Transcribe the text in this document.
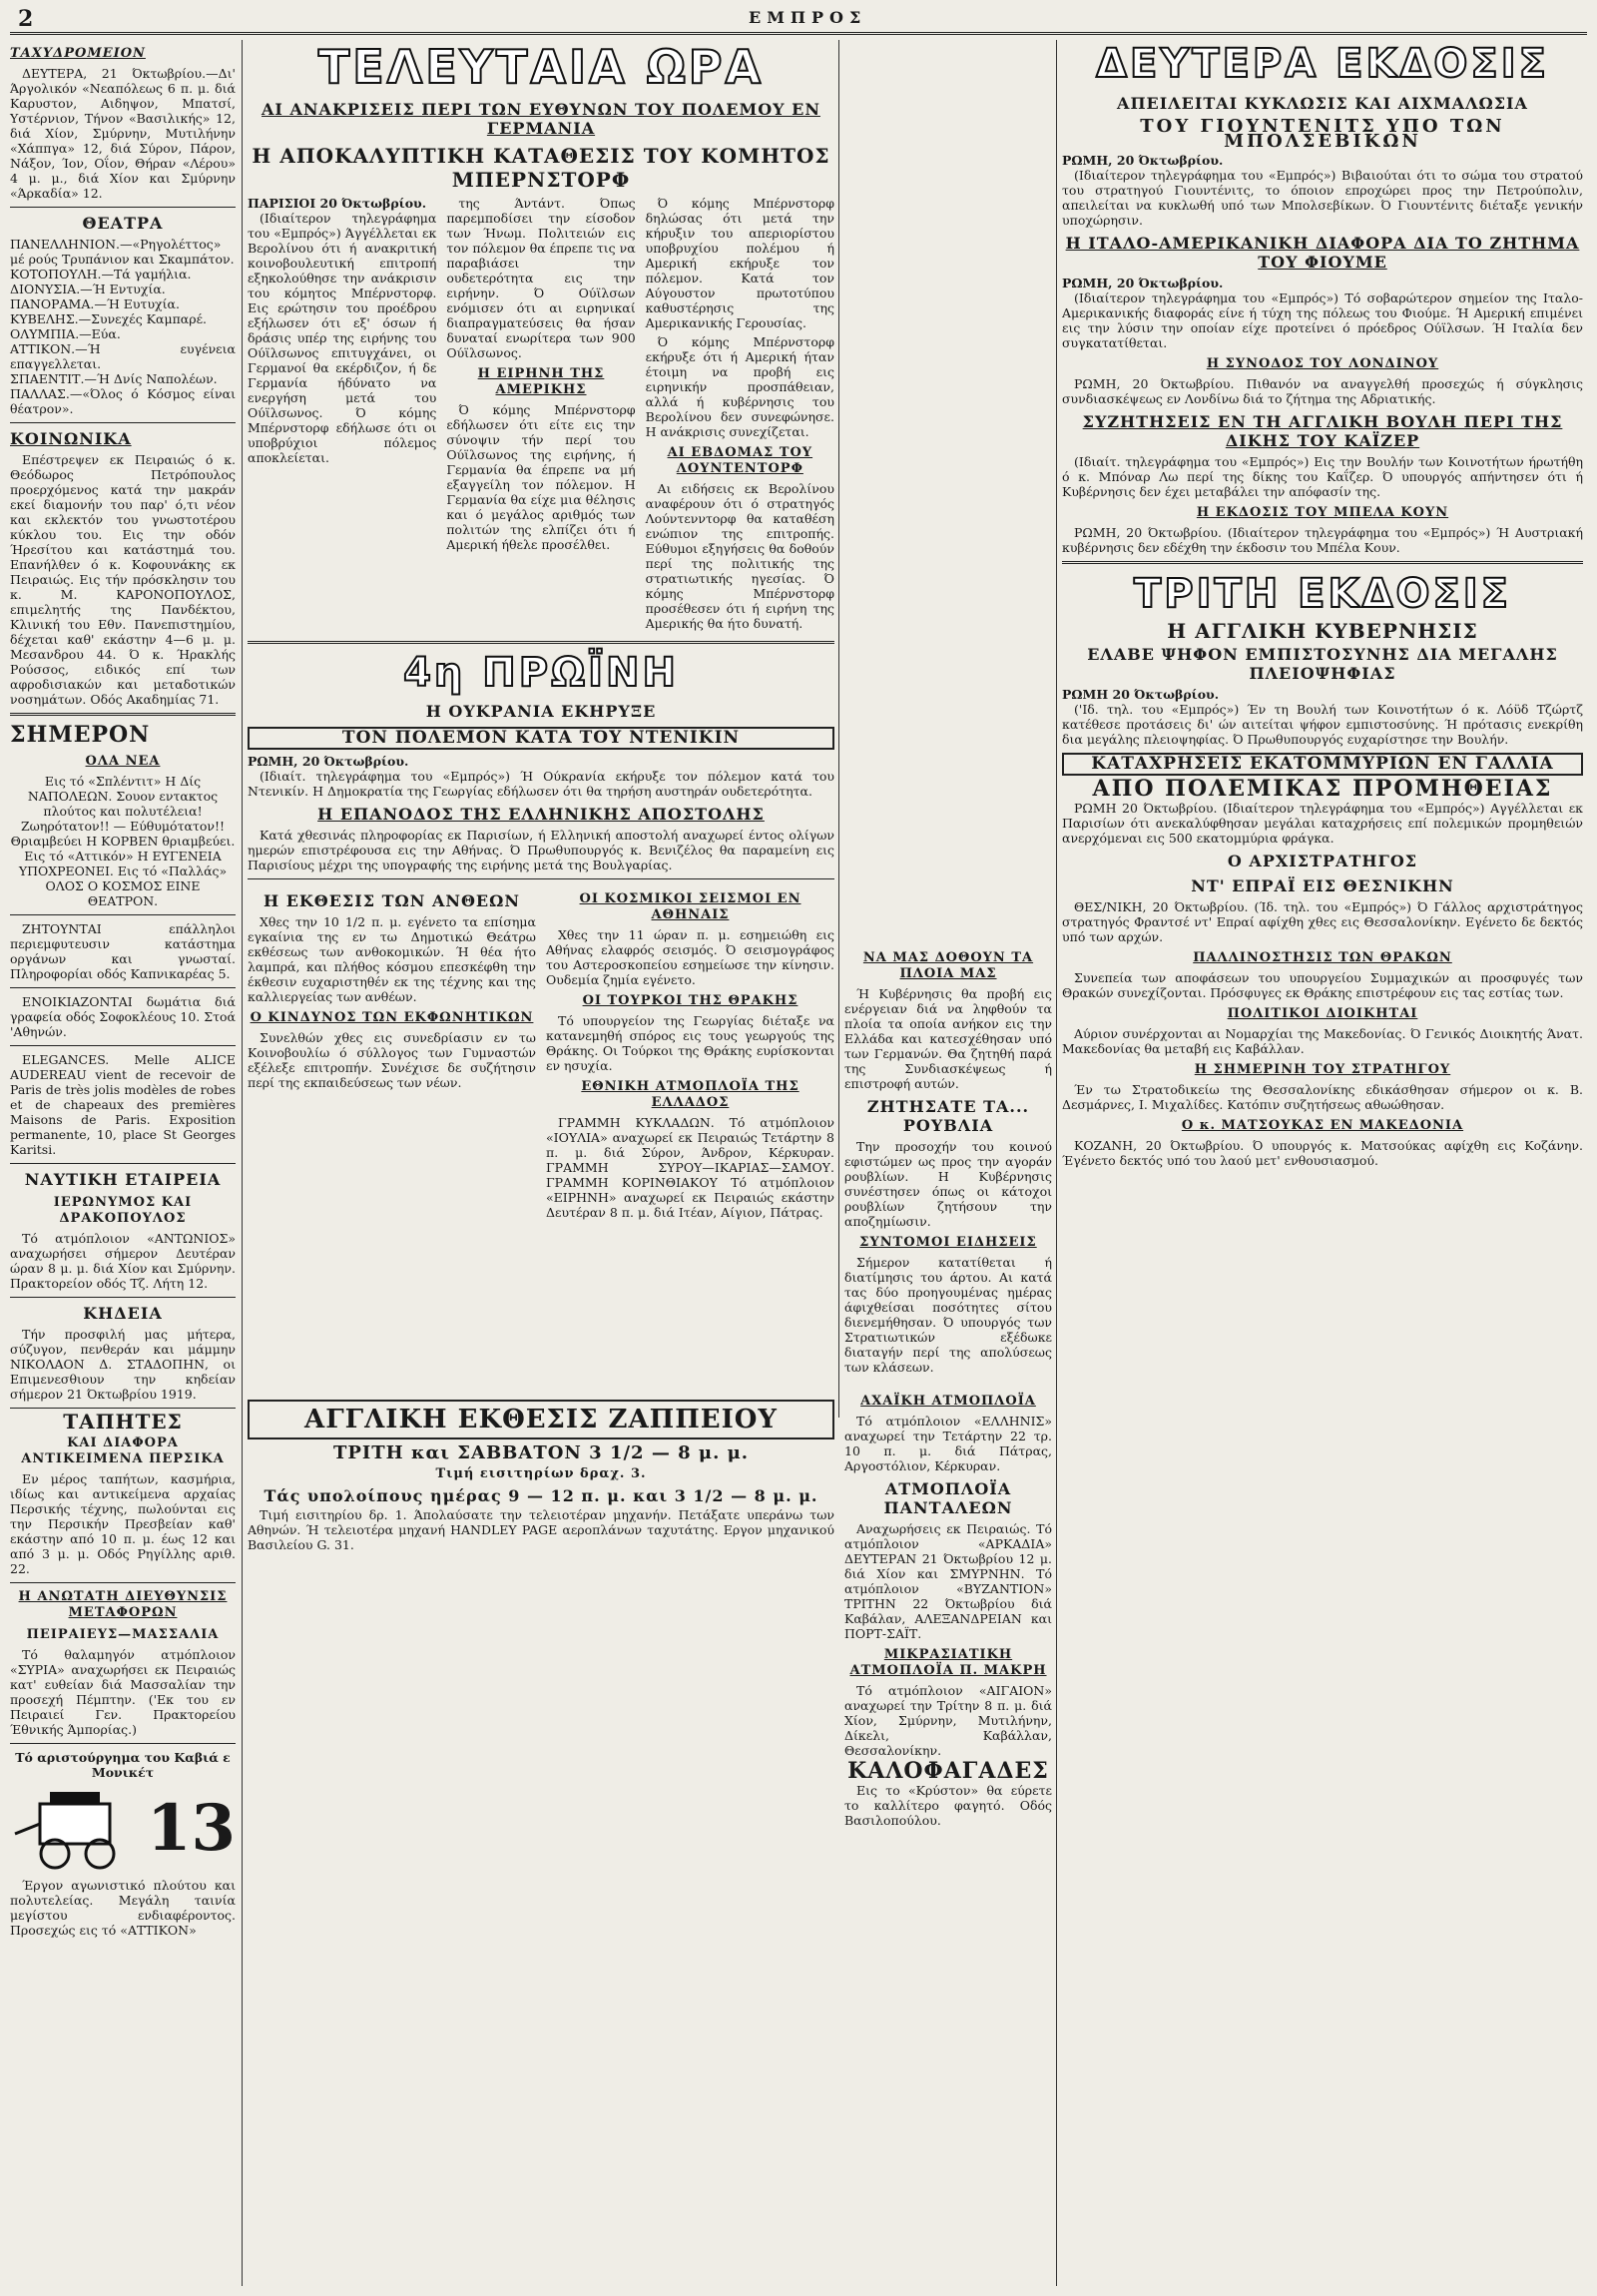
2	ΕΜΠΡΟΣ
ΤΑΧΥΔΡΟΜΕΙΟΝ

ΔΕΥΤΕΡΑ, 21 Όκτωβρίου.—Δι' Άργολικόν «Νεαπόλεως 6 π. μ. διά Καρυστον, Αιδηψον, Μπατσί, Υστέρνιον, Τήνον «Βασιλικής» 12, διά Χίον, Σμύρνην, Μυτιλήνην «Χάππγα» 12, διά Σύρον, Πάρον, Νάξον, Ίον, Οΐον, Θήραν «Λέρου» 4 μ. μ., διά Χίον και Σμύρνην «Άρκαδία» 12.

ΘΕΑΤΡΑ
ΠΑΝΕΛΛΗΝΙΟΝ.—«Ρηγολέττος» μέ ρούς Τρυπάνιον και Σκαμπάτον.
ΚΟΤΟΠΟΥΛΗ.—Τά γαμήλια.
ΔΙΟΝΥΣΙΑ.—Ή Εντυχία.
ΠΑΝΟΡΑΜΑ.—Ή Ευτυχία.
ΚΥΒΕΛΗΣ.—Συνεχές Καμπαρέ.
ΟΛΥΜΠΙΑ.—Εύα.
ΑΤΤΙΚΟΝ.—Ή ευγένεια επαγγελλεται.
ΣΠΑΕΝΤΙΤ.—Ή Δνίς Ναπολέων.
ΠΑΛΛΑΣ.—«Όλος ό Κόσμος είναι θέατρον».
ΚΟΙΝΩΝΙΚΑ

Επέστρεψεν εκ Πειραιώς ό κ. Θεόδωρος Πετρόπουλος προερχόμενος κατά την μακράν εκεί διαμονήν του παρ' ό,τι νέον και εκλεκτόν του γνωστοτέρου κύκλου του. Εις την οδόν Ήρεσίτου και κατάστημά του. Επανήλθεν ό κ. Κοφουνάκης εκ Πειραιώς. Εις τήν πρόσκλησιν του κ. Μ. ΚΑΡΟΝΟΠΟΥΛΟΣ, επιμελητής της Πανδέκτου, Κλινική του Εθν. Πανεπιστημίου, δέχεται καθ' εκάστην 4—6 μ. μ. Μεσανδρου 44. Ό κ. Ήρακλής Ρούσσος, ειδικός επί των αφροδισιακών και μεταδοτικών νοσημάτων. Οδός Ακαδημίας 71.

ΣΗΜΕΡΟΝ
ΟΛΑ ΝΕΑ

Εις τό «Σπλέντιτ» Η Δίς ΝΑΠΟΛΕΩΝ. Σουον εντακτος πλούτος και πολυτέλεια! Ζωηρότατον!! — Εύθυμότατον!! Θριαμβεύει Η ΚΟΡΒΕΝ θριαμβεύει. Εις τό «Αττικόν» Η ΕΥΓΕΝΕΙΑ ΥΠΟΧΡΕΟΝΕΙ. Εις τό «Παλλάς» ΟΛΟΣ Ο ΚΟΣΜΟΣ ΕΙΝΕ ΘΕΑΤΡΟΝ.

ΖΗΤΟΥΝΤΑΙ επάλληλοι περιεμφυτευσιν κατάστημα οργάνων και γνωσταί. Πληροφορίαι οδός Καπνικαρέας 5.

ΕΝΟΙΚΙΑΖΟΝΤΑΙ δωμάτια διά γραφεία οδός Σοφοκλέους 10. Στοά 'Αθηνών.

ELEGANCES. Melle ALICE AUDEREAU vient de recevoir de Paris de très jolis modèles de robes et de chapeaux des premières Maisons de Paris. Exposition permanente, 10, place St Georges Karitsi.

ΝΑΥΤΙΚΗ ΕΤΑΙΡΕΙΑ
ΙΕΡΩΝΥΜΟΣ ΚΑΙ ΔΡΑΚΟΠΟΥΛΟΣ

Τό ατμόπλοιον «ΑΝΤΩΝΙΟΣ» αναχωρήσει σήμερον Δευτέραν ώραν 8 μ. μ. διά Χίον και Σμύρνην. Πρακτορείον οδός Τζ. Λήτη 12.

ΚΗΔΕΙΑ

Τήν προσφιλή μας μήτερα, σύζυγον, πενθεράν και μάμμην ΝΙΚΟΛΑΟΝ Δ. ΣΤΑΔΟΠΗΝ, οι Επιμενεσθιουν την κηδείαν σήμερον 21 Όκτωβρίου 1919.

ΤΑΠΗΤΕΣ
ΚΑΙ ΔΙΑΦΟΡΑ ΑΝΤΙΚΕΙΜΕΝΑ ΠΕΡΣΙΚΑ

Εν μέρος ταπήτων, κασμήρια, ιδίως και αντικείμενα αρχαίας Περσικής τέχνης, πωλούνται εις την Περσικήν Πρεσβείαν καθ' εκάστην από 10 π. μ. έως 12 και από 3 μ. μ. Οδός Ρηγίλλης αριθ. 22.

Η ΑΝΩΤΑΤΗ ΔΙΕΥΘΥΝΣΙΣ ΜΕΤΑΦΟΡΩΝ
ΠΕΙΡΑΙΕΥΣ—ΜΑΣΣΑΛΙΑ

Τό θαλαμηγόν ατμόπλοιον «ΣΥΡΙΑ» αναχωρήσει εκ Πειραιώς κατ' ευθείαν διά Μασσαλίαν την προσεχή Πέμπτην. ('Εκ του εν Πειραιεί Γεν. Πρακτορείου Έθνικής Άμπορίας.)

Τό αριστούργημα του Καβιά ε Μονικέτ
13

Έργον αγωνιστικό πλούτου και πολυτελείας. Μεγάλη ταινία μεγίστου ενδιαφέροντος. Προσεχώς εις τό «ΑΤΤΙΚΟΝ»

ΤΕΛΕΥΤΑΙΑ ΩΡΑ
ΑΙ ΑΝΑΚΡΙΣΕΙΣ ΠΕΡΙ ΤΩΝ ΕΥΘΥΝΩΝ ΤΟΥ ΠΟΛΕΜΟΥ ΕΝ ΓΕΡΜΑΝΙΑ
Η ΑΠΟΚΑΛΥΠΤΙΚΗ ΚΑΤΑΘΕΣΙΣ ΤΟΥ ΚΟΜΗΤΟΣ ΜΠΕΡΝΣΤΟΡΦ
ΠΑΡΙΣΙΟΙ 20 Όκτωβρίου.

(Ιδιαίτερον τηλεγράφημα του «Εμπρός») Άγγέλλεται εκ Βερολίνου ότι ή ανακριτική κοινοβουλευτική επιτροπή εξηκολούθησε την ανάκρισιν του κόμητος Μπέρνστορφ. Εις ερώτησιν του προέδρου εξήλωσεν ότι εξ' όσων ή δράσις υπέρ της ειρήνης του Ούϊλσωνος επιτυγχάνει, οι Γερμανοί θα εκέρδιζον, ή δε Γερμανία ήδύνατο να ενεργήση μετά του Ούϊλσωνος. Ό κόμης Μπέρνστορφ εδήλωσε ότι οι υποβρύχιοι πόλεμος αποκλείεται.

της Άντάντ. Όπως παρεμποδίσει την είσοδον των Ήνωμ. Πολιτειών εις τον πόλεμον θα έπρεπε τις να παραβιάσει την ουδετερότητα εις την ειρήνην. Ό Ούϊλσων ενόμισεν ότι αι ειρηνικαί διαπραγματεύσεις θα ήσαν δυναταί ενωρίτερα των 900 Ούϊλσωνος.

Η ΕΙΡΗΝΗ ΤΗΣ ΑΜΕΡΙΚΗΣ

Ό κόμης Μπέρνστορφ εδήλωσεν ότι είτε εις την σύνοψιν τήν περί του Ούϊλσωνος της ειρήνης, ή Γερμανία θα έπρεπε να μή εξαγγείλη τον πόλεμον. Η Γερμανία θα είχε μια θέλησις και ό μεγάλος αριθμός των πολιτών της ελπίζει ότι ή Αμερική ήθελε προσέλθει.

Ό κόμης Μπέρνστορφ δηλώσας ότι μετά την κήρυξιν του απεριορίστου υποβρυχίου πολέμου ή Αμερική εκήρυξε τον πόλεμον. Κατά τον Αύγουστον πρωτοτύπου καθυστέρησις της Αμερικανικής Γερουσίας.

Ό κόμης Μπέρνστορφ εκήρυξε ότι ή Αμερική ήταν έτοιμη να προβή εις ειρηνικήν προσπάθειαν, αλλά ή κυβέρνησις του Βερολίνου δεν συνεφώνησε. Η ανάκρισις συνεχίζεται.

ΑΙ ΕΒΔΟΜΑΣ ΤΟΥ ΛΟΥΝΤΕΝΤΟΡΦ

Αι ειδήσεις εκ Βερολίνου αναφέρουν ότι ό στρατηγός Λούντενντορφ θα καταθέση ενώπιον της επιτροπής. Εύθυμοι εξηγήσεις θα δοθούν περί της πολιτικής της στρατιωτικής ηγεσίας. Ό κόμης Μπέρνστορφ προσέθεσεν ότι ή ειρήνη της Αμερικής θα ήτο δυνατή.

4η ΠΡΩΪΝΗ
Η ΟΥΚΡΑΝΙΑ ΕΚΗΡΥΞΕ
ΤΟΝ ΠΟΛΕΜΟΝ ΚΑΤΑ ΤΟΥ ΝΤΕΝΙΚΙΝ
ΡΩΜΗ, 20 Όκτωβρίου.

(Ιδιαίτ. τηλεγράφημα του «Εμπρός») Ή Ούκρανία εκήρυξε τον πόλεμον κατά του Ντενικίν. Η Δημοκρατία της Γεωργίας εδήλωσεν ότι θα τηρήση αυστηράν ουδετερότητα.

Η ΕΠΑΝΟΔΟΣ ΤΗΣ ΕΛΛΗΝΙΚΗΣ ΑΠΟΣΤΟΛΗΣ

Κατά χθεσινάς πληροφορίας εκ Παρισίων, ή Ελληνική αποστολή αναχωρεί έντος ολίγων ημερών επιστρέφουσα εις την Αθήνας. Ό Πρωθυπουργός κ. Βενιζέλος θα παραμείνη εις Παρισίους μέχρι της υπογραφής της ειρήνης μετά της Βουλγαρίας.

Η ΕΚΘΕΣΙΣ ΤΩΝ ΑΝΘΕΩΝ

Χθες την 10 1/2 π. μ. εγένετο τα επίσημα εγκαίνια της εν τω Δημοτικώ Θεάτρω εκθέσεως των ανθοκομικών. Ή θέα ήτο λαμπρά, και πλήθος κόσμου επεσκέφθη την έκθεσιν ευχαριστηθέν εκ της τέχνης και της καλλιεργείας των ανθέων.

Ο ΚΙΝΔΥΝΟΣ ΤΩΝ ΕΚΦΩΝΗΤΙΚΩΝ

Συνελθών χθες εις συνεδρίασιν εν τω Κοινοβουλίω ό σύλλογος των Γυμναστών εξέλεξε επιτροπήν. Συνέχισε δε συζήτησιν περί της εκπαιδεύσεως των νέων.

ΟΙ ΚΟΣΜΙΚΟΙ ΣΕΙΣΜΟΙ ΕΝ ΑΘΗΝΑΙΣ

Χθες την 11 ώραν π. μ. εσημειώθη εις Αθήνας ελαφρός σεισμός. Ό σεισμογράφος του Αστεροσκοπείου εσημείωσε την κίνησιν. Ουδεμία ζημία εγένετο.

ΟΙ ΤΟΥΡΚΟΙ ΤΗΣ ΘΡΑΚΗΣ

Τό υπουργείον της Γεωργίας διέταξε να κατανεμηθή σπόρος εις τους γεωργούς της Θράκης. Οι Τούρκοι της Θράκης ευρίσκονται εν ησυχία.

ΕΘΝΙΚΗ ΑΤΜΟΠΛΟΪΑ ΤΗΣ ΕΛΛΑΔΟΣ

ΓΡΑΜΜΗ ΚΥΚΛΑΔΩΝ. Τό ατμόπλοιον «ΙΟΥΛΙΑ» αναχωρεί εκ Πειραιώς Τετάρτην 8 π. μ. διά Σύρον, Άνδρον, Κέρκυραν. ΓΡΑΜΜΗ ΣΥΡΟΥ—ΙΚΑΡΙΑΣ—ΣΑΜΟΥ. ΓΡΑΜΜΗ ΚΟΡΙΝΘΙΑΚΟΥ Τό ατμόπλοιον «ΕΙΡΗΝΗ» αναχωρεί εκ Πειραιώς εκάστην Δευτέραν 8 π. μ. διά Ιτέαν, Αίγιον, Πάτρας.

ΝΑ ΜΑΣ ΔΟΘΟΥΝ ΤΑ ΠΛΟΙΑ ΜΑΣ

Ή Κυβέρνησις θα προβή εις ενέργειαν διά να ληφθούν τα πλοία τα οποία ανήκον εις την Ελλάδα και κατεσχέθησαν υπό των Γερμανών. Θα ζητηθή παρά της Συνδιασκέψεως ή επιστροφή αυτών.

ΖΗΤΗΣΑΤΕ ΤΑ... ΡΟΥΒΛΙΑ

Την προσοχήν του κοινού εφιστώμεν ως προς την αγοράν ρουβλίων. Η Κυβέρνησις συνέστησεν όπως οι κάτοχοι ρουβλίων ζητήσουν την αποζημίωσιν.

ΣΥΝΤΟΜΟΙ ΕΙΔΗΣΕΙΣ

Σήμερον κατατίθεται ή διατίμησις του άρτου. Αι κατά τας δύο προηγουμένας ημέρας άφιχθείσαι ποσότητες σίτου διενεμήθησαν. Ό υπουργός των Στρατιωτικών εξέδωκε διαταγήν περί της απολύσεως των κλάσεων.

ΑΧΑΪΚΗ ΑΤΜΟΠΛΟΪΑ

Τό ατμόπλοιον «ΕΛΛΗΝΙΣ» αναχωρεί την Τετάρτην 22 τρ. 10 π. μ. διά Πάτρας, Αργοστόλιον, Κέρκυραν.

ΑΤΜΟΠΛΟΪΑ ΠΑΝΤΑΛΕΩΝ

Αναχωρήσεις εκ Πειραιώς. Τό ατμόπλοιον «ΑΡΚΑΔΙΑ» ΔΕΥΤΕΡΑΝ 21 Όκτωβρίου 12 μ. διά Χίον και ΣΜΥΡΝΗΝ. Τό ατμόπλοιον «ΒΥΖΑΝΤΙΟΝ» ΤΡΙΤΗΝ 22 Όκτωβρίου διά Καβάλαν, ΑΛΕΞΑΝΔΡΕΙΑΝ και ΠΟΡΤ-ΣΑΪΤ.

ΜΙΚΡΑΣΙΑΤΙΚΗ ΑΤΜΟΠΛΟΪΑ Π. ΜΑΚΡΗ

Τό ατμόπλοιον «ΑΙΓΑΙΟΝ» αναχωρεί την Τρίτην 8 π. μ. διά Χίον, Σμύρνην, Μυτιλήνην, Δίκελι, Καβάλλαν, Θεσσαλονίκην.

ΚΑΛΟΦΑΓΑΔΕΣ

Εις το «Κρύστον» θα εύρετε το καλλίτερο φαγητό. Οδός Βασιλοπούλου.

ΑΓΓΛΙΚΗ ΕΚΘΕΣΙΣ ΖΑΠΠΕΙΟΥ
ΤΡΙΤΗ και ΣΑΒΒΑΤΟΝ 3 1/2 — 8 μ. μ.
Τιμή εισιτηρίων δραχ. 3.
Τάς υπολοίπους ημέρας 9 — 12 π. μ. και 3 1/2 — 8 μ. μ.

Τιμή εισιτηρίου δρ. 1. Άπολαύσατε την τελειοτέραν μηχανήν. Πετάξατε υπεράνω των Αθηνών. Ή τελειοτέρα μηχανή HANDLEY PAGE αεροπλάνων ταχυτάτης. Εργον μηχανικού Βασιλείου G. 31.

ΔΕΥΤΕΡΑ ΕΚΔΟΣΙΣ
ΑΠΕΙΛΕΙΤΑΙ ΚΥΚΛΩΣΙΣ ΚΑΙ ΑΙΧΜΑΛΩΣΙΑ
ΤΟΥ ΓΙΟΥΝΤΕΝΙΤΣ ΥΠΟ ΤΩΝ ΜΠΟΛΣΕΒΙΚΩΝ
ΡΩΜΗ, 20 Όκτωβρίου.

(Ιδιαίτερον τηλεγράφημα του «Εμπρός») Βιβαιούται ότι το σώμα του στρατού του στρατηγού Γιουντένιτς, το όποιον επροχώρει προς την Πετρούπολιν, απειλείται να κυκλωθή υπό των Μπολσεβίκων. Ό Γιουντένιτς διέταξε γενικήν υποχώρησιν.

Η ΙΤΑΛΟ-ΑΜΕΡΙΚΑΝΙΚΗ ΔΙΑΦΟΡΑ ΔΙΑ ΤΟ ΖΗΤΗΜΑ ΤΟΥ ΦΙΟΥΜΕ
ΡΩΜΗ, 20 Όκτωβρίου.

(Ιδιαίτερον τηλεγράφημα του «Εμπρός») Τό σοβαρώτερον σημείον της Ιταλο-Αμερικανικής διαφοράς είνε ή τύχη της πόλεως του Φιούμε. Ή Αμερική επιμένει εις την λύσιν την οποίαν είχε προτείνει ό πρόεδρος Ούϊλσων. Ή Ιταλία δεν συγκατατίθεται.

Η ΣΥΝΟΔΟΣ ΤΟΥ ΛΟΝΔΙΝΟΥ

ΡΩΜΗ, 20 Όκτωβρίου. Πιθανόν να αναγγελθή προσεχώς ή σύγκλησις συνδιασκέψεως εν Λονδίνω διά το ζήτημα της Αδριατικής.

ΣΥΖΗΤΗΣΕΙΣ ΕΝ ΤΗ ΑΓΓΛΙΚΗ ΒΟΥΛΗ ΠΕΡΙ ΤΗΣ ΔΙΚΗΣ ΤΟΥ ΚΑΪΖΕΡ

(Ιδιαίτ. τηλεγράφημα του «Εμπρός») Εις την Βουλήν των Κοινοτήτων ήρωτήθη ό κ. Μπόναρ Λω περί της δίκης του Καΐζερ. Ό υπουργός απήντησεν ότι ή Κυβέρνησις δεν έχει μεταβάλει την απόφασίν της.

Η ΕΚΔΟΣΙΣ ΤΟΥ ΜΠΕΛΑ ΚΟΥΝ

ΡΩΜΗ, 20 Όκτωβρίου. (Ιδιαίτερον τηλεγράφημα του «Εμπρός») Ή Αυστριακή κυβέρνησις δεν εδέχθη την έκδοσιν του Μπέλα Κουν.

ΤΡΙΤΗ ΕΚΔΟΣΙΣ
Η ΑΓΓΛΙΚΗ ΚΥΒΕΡΝΗΣΙΣ
ΕΛΑΒΕ ΨΗΦΟΝ ΕΜΠΙΣΤΟΣΥΝΗΣ ΔΙΑ ΜΕΓΑΛΗΣ ΠΛΕΙΟΨΗΦΙΑΣ
ΡΩΜΗ 20 Όκτωβρίου.

('Ιδ. τηλ. του «Εμπρός») Έν τη Βουλή των Κοινοτήτων ό κ. Λόϋδ Τζώρτζ κατέθεσε προτάσεις δι' ών αιτείται ψήφον εμπιστοσύνης. Ή πρότασις ενεκρίθη δια μεγάλης πλειοψηφίας. Ό Πρωθυπουργός ευχαρίστησε την Βουλήν.

ΚΑΤΑΧΡΗΣΕΙΣ ΕΚΑΤΟΜΜΥΡΙΩΝ ΕΝ ΓΑΛΛΙΑ
ΑΠΟ ΠΟΛΕΜΙΚΑΣ ΠΡΟΜΗΘΕΙΑΣ

ΡΩΜΗ 20 Όκτωβρίου. (Ιδιαίτερον τηλεγράφημα του «Εμπρός») Αγγέλλεται εκ Παρισίων ότι ανεκαλύφθησαν μεγάλαι καταχρήσεις επί πολεμικών προμηθειών ανερχόμεναι εις 500 εκατομμύρια φράγκα.

Ο ΑΡΧΙΣΤΡΑΤΗΓΟΣ
ΝΤ' ΕΠΡΑΪ ΕΙΣ ΘΕΣΝΙΚΗΝ

ΘΕΣ/ΝΙΚΗ, 20 Όκτωβρίου. (Ίδ. τηλ. του «Εμπρός») Ό Γάλλος αρχιστράτηγος στρατηγός Φραντσέ ντ' Επραί αφίχθη χθες εις Θεσσαλονίκην. Εγένετο δε δεκτός υπό των αρχών.

ΠΑΛΛΙΝΟΣΤΗΣΙΣ ΤΩΝ ΘΡΑΚΩΝ

Συνεπεία των αποφάσεων του υπουργείου Συμμαχικών αι προσφυγές των Θρακών συνεχίζονται. Πρόσφυγες εκ Θράκης επιστρέφουν εις τας εστίας των.

ΠΟΛΙΤΙΚΟΙ ΔΙΟΙΚΗΤΑΙ

Αύριον συνέρχονται αι Νομαρχίαι της Μακεδονίας. Ό Γενικός Διοικητής Άνατ. Μακεδονίας θα μεταβή εις Καβάλλαν.

Η ΣΗΜΕΡΙΝΗ ΤΟΥ ΣΤΡΑΤΗΓΟΥ

Έν τω Στρατοδικείω της Θεσσαλονίκης εδικάσθησαν σήμερον οι κ. Β. Δεσμάρνες, Ι. Μιχαλίδες. Κατόπιν συζητήσεως αθωώθησαν.

Ο κ. ΜΑΤΣΟΥΚΑΣ ΕΝ ΜΑΚΕΔΟΝΙΑ

ΚΟΖΑΝΗ, 20 Όκτωβρίου. Ό υπουργός κ. Ματσούκας αφίχθη εις Κοζάνην. Έγένετο δεκτός υπό του λαού μετ' ενθουσιασμού.
